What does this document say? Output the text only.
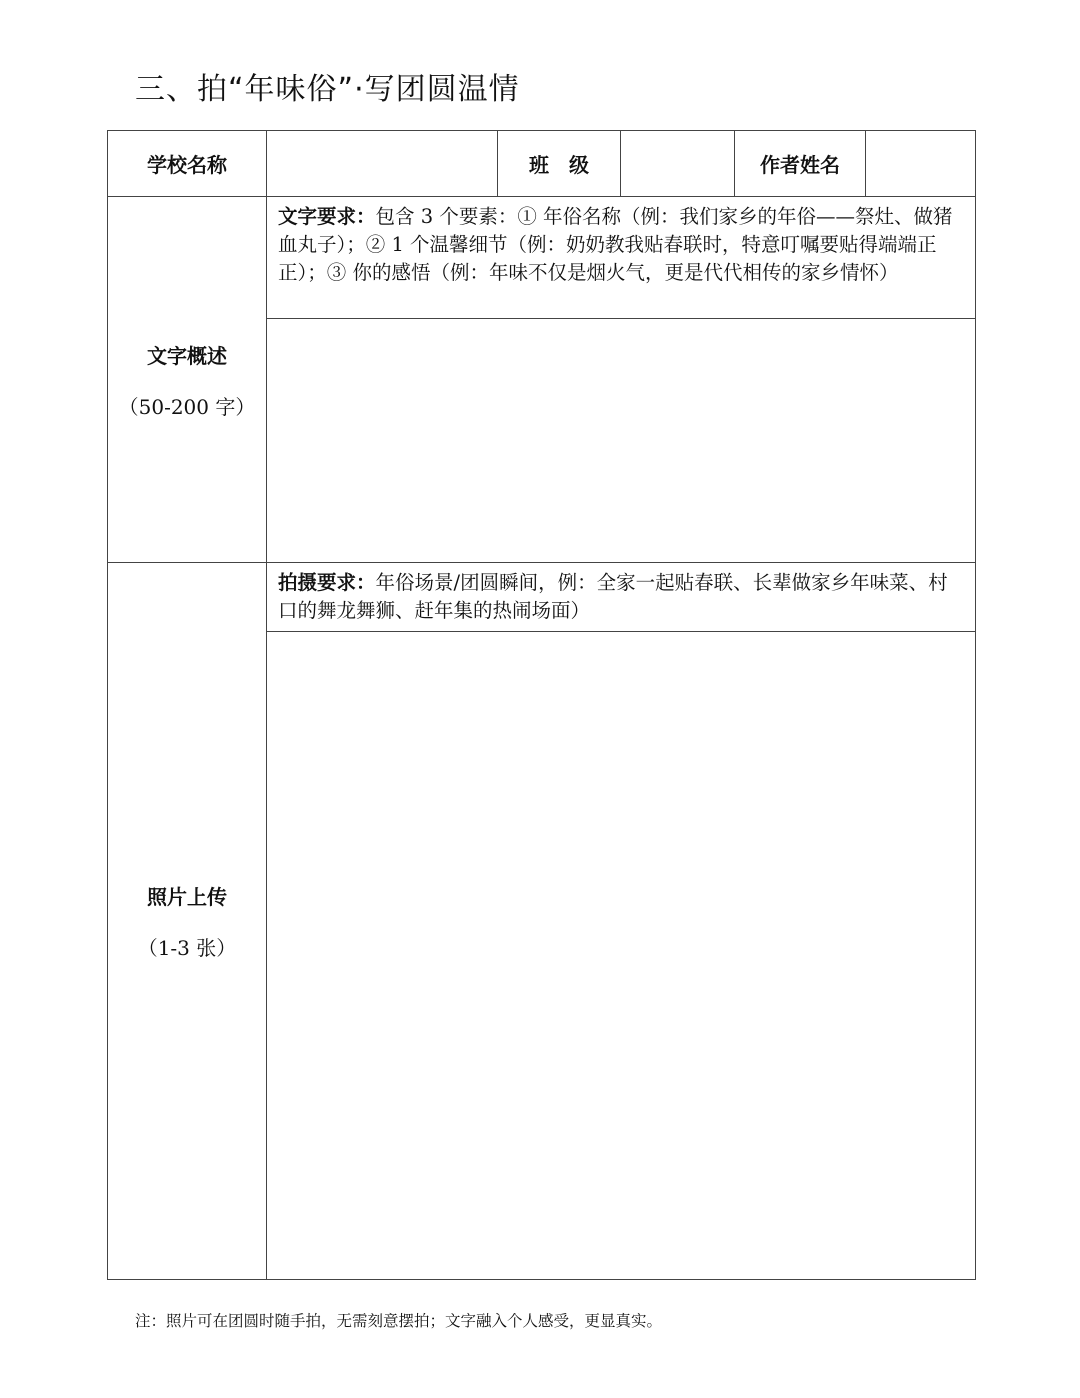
三、拍“年味俗”·写团圆温情
学校名称		班　级		作者姓名	
文字概述
（50-200 字）	文字要求：包含 3 个要素：① 年俗名称（例：我们家乡的年俗——祭灶、做猪血丸子）；② 1 个温馨细节（例：奶奶教我贴春联时，特意叮嘱要贴得端端正正）；③ 你的感悟（例：年味不仅是烟火气，更是代代相传的家乡情怀）				

照片上传
（1-3 张）	拍摄要求：年俗场景/团圆瞬间，例：全家一起贴春联、长辈做家乡年味菜、村口的舞龙舞狮、赶年集的热闹场面）				

注：照片可在团圆时随手拍，无需刻意摆拍；文字融入个人感受，更显真实。
